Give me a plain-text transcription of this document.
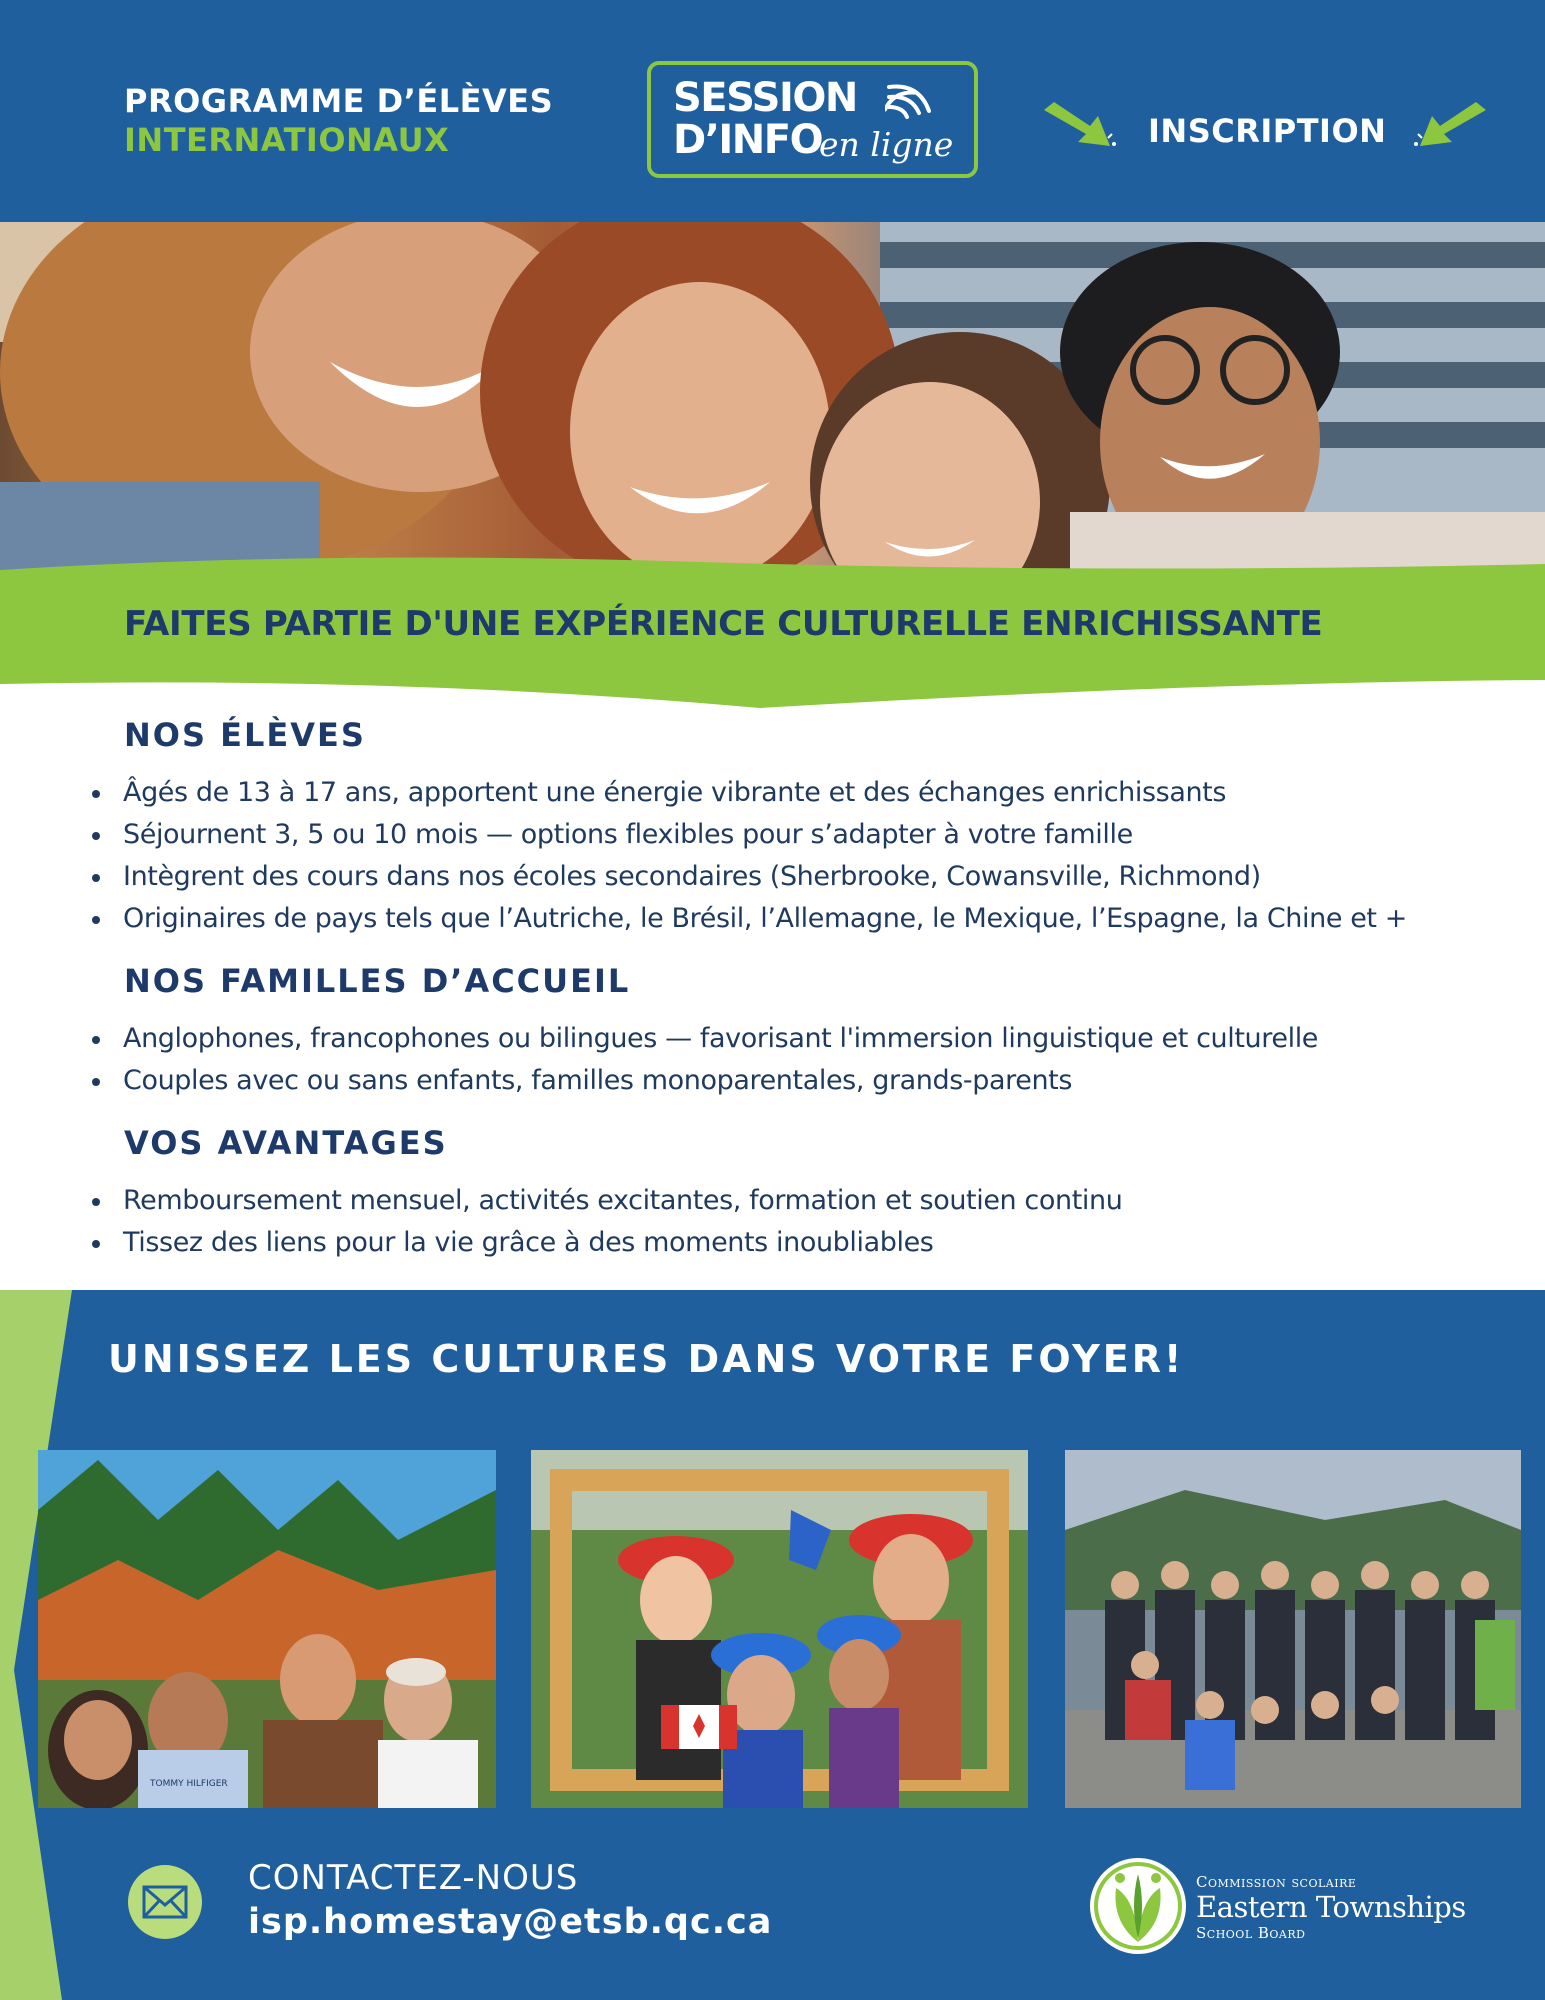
PROGRAMME D’ÉLÈVES
INTERNATIONAUX
SESSION
D’INFO
en ligne	INSCRIPTION
FAITES PARTIE D'UNE EXPÉRIENCE CULTURELLE ENRICHISSANTE
NOS ÉLÈVES
Âgés de 13 à 17 ans, apportent une énergie vibrante et des échanges enrichissants
Séjournent 3, 5 ou 10 mois — options flexibles pour s’adapter à votre famille
Intègrent des cours dans nos écoles secondaires (Sherbrooke, Cowansville, Richmond)
Originaires de pays tels que l’Autriche, le Brésil, l’Allemagne, le Mexique, l’Espagne, la Chine et +
NOS FAMILLES D’ACCUEIL
Anglophones, francophones ou bilingues — favorisant l'immersion linguistique et culturelle
Couples avec ou sans enfants, familles monoparentales, grands-parents
VOS AVANTAGES
Remboursement mensuel, activités excitantes, formation et soutien continu
Tissez des liens pour la vie grâce à des moments inoubliables
UNISSEZ LES CULTURES DANS VOTRE FOYER!
TOMMY HILFIGER
CONTACTEZ-NOUS
isp.homestay@etsb.qc.ca
Commission scolaire
Eastern Townships
School Board
